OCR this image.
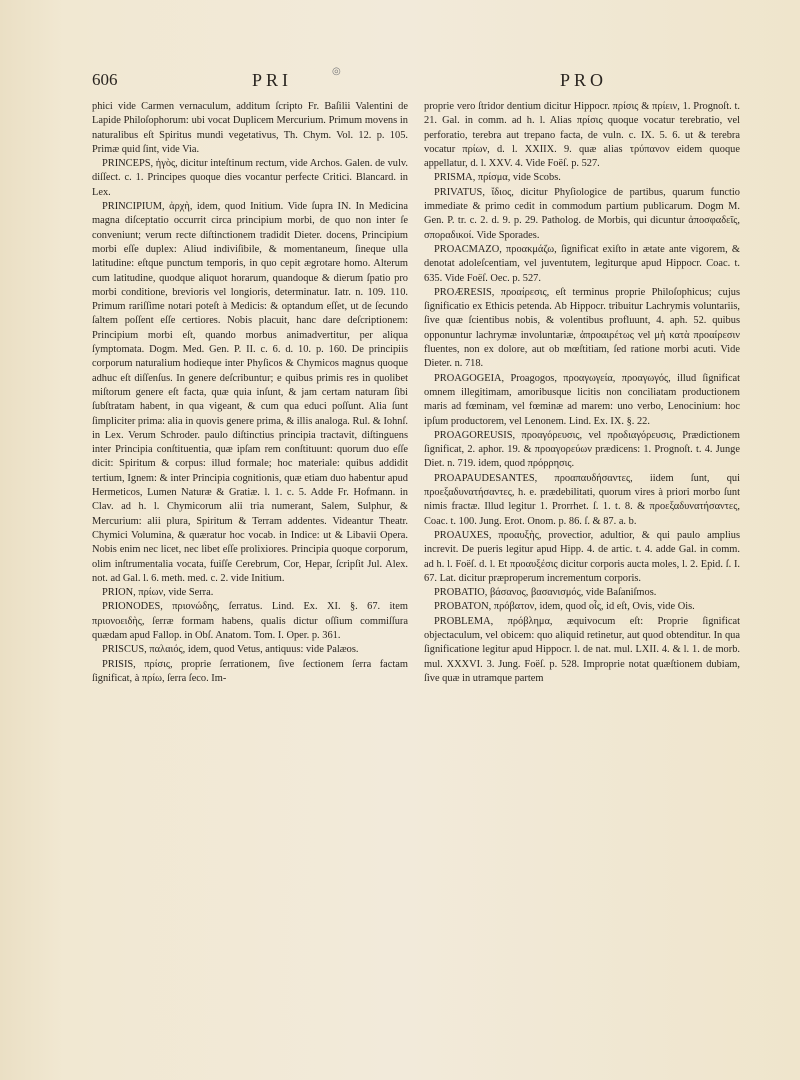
606	PRI	◎	PRO

phici vide Carmen vernaculum, additum ſcripto Fr. Baſilii Valentini de Lapide Philoſophorum: ubi vocat Duplicem Mercurium. Primum movens in naturalibus eſt Spiritus mundi vegetativus, Th. Chym. Vol. 12. p. 105. Primæ quid ſint, vide Via.

PRINCEPS, ἡγὸς, dicitur inteſtinum rectum, vide Archos. Galen. de vulv. diſſect. c. 1. Principes quoque dies vocantur perfecte Critici. Blancard. in Lex.

PRINCIPIUM, ἀρχὴ, idem, quod Initium. Vide ſupra IN. In Medicina magna diſceptatio occurrit circa principium morbi, de quo non inter ſe conveniunt; verum recte diſtinctionem tradidit Dieter. docens, Principium morbi eſſe duplex: Aliud indiviſibile, & momentaneum, ſineque ulla latitudine: eſtque punctum temporis, in quo cepit ægrotare homo. Alterum cum latitudine, quodque aliquot horarum, quandoque & dierum ſpatio pro morbi conditione, brevioris vel longioris, determinatur. Iatr. n. 109. 110. Primum rariſſime notari poteſt à Medicis: & optandum eſſet, ut de ſecundo ſaltem poſſent eſſe certiores. Nobis placuit, hanc dare deſcriptionem: Principium morbi eſt, quando morbus animadvertitur, per aliqua ſymptomata. Dogm. Med. Gen. P. II. c. 6. d. 10. p. 160. De principiis corporum naturalium hodieque inter Phyſicos & Chymicos magnus quoque adhuc eſt diſſenſus. In genere deſcribuntur; e quibus primis res in quolibet miſtorum genere eſt facta, quæ quia inſunt, & jam certam naturam ſibi ſubſtratam habent, in qua vigeant, & cum qua educi poſſunt. Alia ſunt ſimpliciter prima: alia in quovis genere prima, & illis analoga. Rul. & Iohnſ. in Lex. Verum Schroder. paulo diſtinctius principia tractavit, diſtinguens inter Principia conſtituentia, quæ ipſam rem conſtituunt: quorum duo eſſe dicit: Spiritum & corpus: illud formale; hoc materiale: quibus addidit tertium, Ignem: & inter Principia cognitionis, quæ etiam duo habentur apud Hermeticos, Lumen Naturæ & Gratiæ. l. 1. c. 5. Adde Fr. Hofmann. in Clav. ad h. l. Chymicorum alii tria numerant, Salem, Sulphur, & Mercurium: alii plura, Spiritum & Terram addentes. Videantur Theatr. Chymici Volumina, & quæratur hoc vocab. in Indice: ut & Libavii Opera. Nobis enim nec licet, nec libet eſſe prolixiores. Principia quoque corporum, olim inſtrumentalia vocata, fuiſſe Cerebrum, Cor, Hepar, ſcripſit Jul. Alex. not. ad Gal. l. 6. meth. med. c. 2. vide Initium.

PRION, πρίων, vide Serra.

PRIONODES, πριονώδης, ſerratus. Lind. Ex. XI. §. 67. item πριονοειδὴς, ſerræ formam habens, qualis dictur oſſium commiſſura quædam apud Fallop. in Obſ. Anatom. Tom. I. Oper. p. 361.

PRISCUS, παλαιός, idem, quod Vetus, antiquus: vide Palæos.

PRISIS, πρίσις, proprie ſerrationem, ſive ſectionem ſerra factam ſignificat, à πρίω, ſerra ſeco. Im-

proprie vero ſtridor dentium dicitur Hippocr. πρίσις & πρίειν, 1. Prognoſt. t. 21. Gal. in comm. ad h. l. Alias πρίσις quoque vocatur terebratio, vel perforatio, terebra aut trepano facta, de vuln. c. IX. 5. 6. ut & terebra vocatur πρίων, d. l. XXIIX. 9. quæ alias τρύπανον eidem quoque appellatur, d. l. XXV. 4. Vide Foëſ. p. 527.

PRISMA, πρίσμα, vide Scobs.

PRIVATUS, ἴδιος, dicitur Phyſiologice de partibus, quarum functio immediate & primo cedit in commodum partium publicarum. Dogm M. Gen. P. tr. c. 2. d. 9. p. 29. Patholog. de Morbis, qui dicuntur ἀποσφαδεῖς, σποραδικοί. Vide Sporades.

PROACMAZO, προακμάζω, ſignificat exiſto in ætate ante vigorem, & denotat adoleſcentiam, vel juventutem, legiturque apud Hippocr. Coac. t. 635. Vide Foëſ. Oec. p. 527.

PROÆRESIS, προαίρεσις, eſt terminus proprie Philoſophicus; cujus ſignificatio ex Ethicis petenda. Ab Hippocr. tribuitur Lachrymis voluntariis, ſive quæ ſcientibus nobis, & volentibus profluunt, 4. aph. 52. quibus opponuntur lachrymæ involuntariæ, ἀπροαιρέτως vel μὴ κατὰ προαίρεσιν fluentes, non ex dolore, aut ob mœſtitiam, ſed ratione morbi acuti. Vide Dieter. n. 718.

PROAGOGEIA, Proagogos, προαγωγεία, προαγωγός, illud ſignificat omnem illegitimam, amoribusque licitis non conciliatam productionem maris ad fœminam, vel fœminæ ad marem: uno verbo, Lenocinium: hoc ipſum productorem, vel Lenonem. Lind. Ex. IX. §. 22.

PROAGOREUSIS, προαγόρευσις, vel προδιαγόρευσις, Prædictionem ſignificat, 2. aphor. 19. & προαγορεύων prædicens: 1. Prognoſt. t. 4. Junge Diet. n. 719. idem, quod πρόρρησις.

PROAPAUDESANTES, προαπαυδήσαντες, iidem ſunt, qui προεξαδυνατήσαντες, h. e. prædebilitati, quorum vires à priori morbo ſunt nimis fractæ. Illud legitur 1. Prorrhet. ſ. 1. t. 8. & προεξαδυνατήσαντες, Coac. t. 100. Jung. Erot. Onom. p. 86. ſ. & 87. a. b.

PROAUXES, προαυξὴς, provectior, adultior, & qui paulo amplius increvit. De pueris legitur apud Hipp. 4. de artic. t. 4. adde Gal. in comm. ad h. l. Foëſ. d. l. Et προαυξέσις dicitur corporis aucta moles, l. 2. Epid. ſ. I. 67. Lat. dicitur præproperum incrementum corporis.

PROBATIO, βάσανος, βασανισμός, vide Baſaniſmos.

PROBATON, πρόβατον, idem, quod οἶς, id eſt, Ovis, vide Ois.

PROBLEMA, πρόβλημα, æquivocum eſt: Proprie ſignificat objectaculum, vel obicem: quo aliquid retinetur, aut quod obtenditur. In qua ſignificatione legitur apud Hippocr. l. de nat. mul. LXII. 4. & l. 1. de morb. mul. XXXVI. 3. Jung. Foëſ. p. 528. Improprie notat quæſtionem dubiam, ſive quæ in utramque partem
